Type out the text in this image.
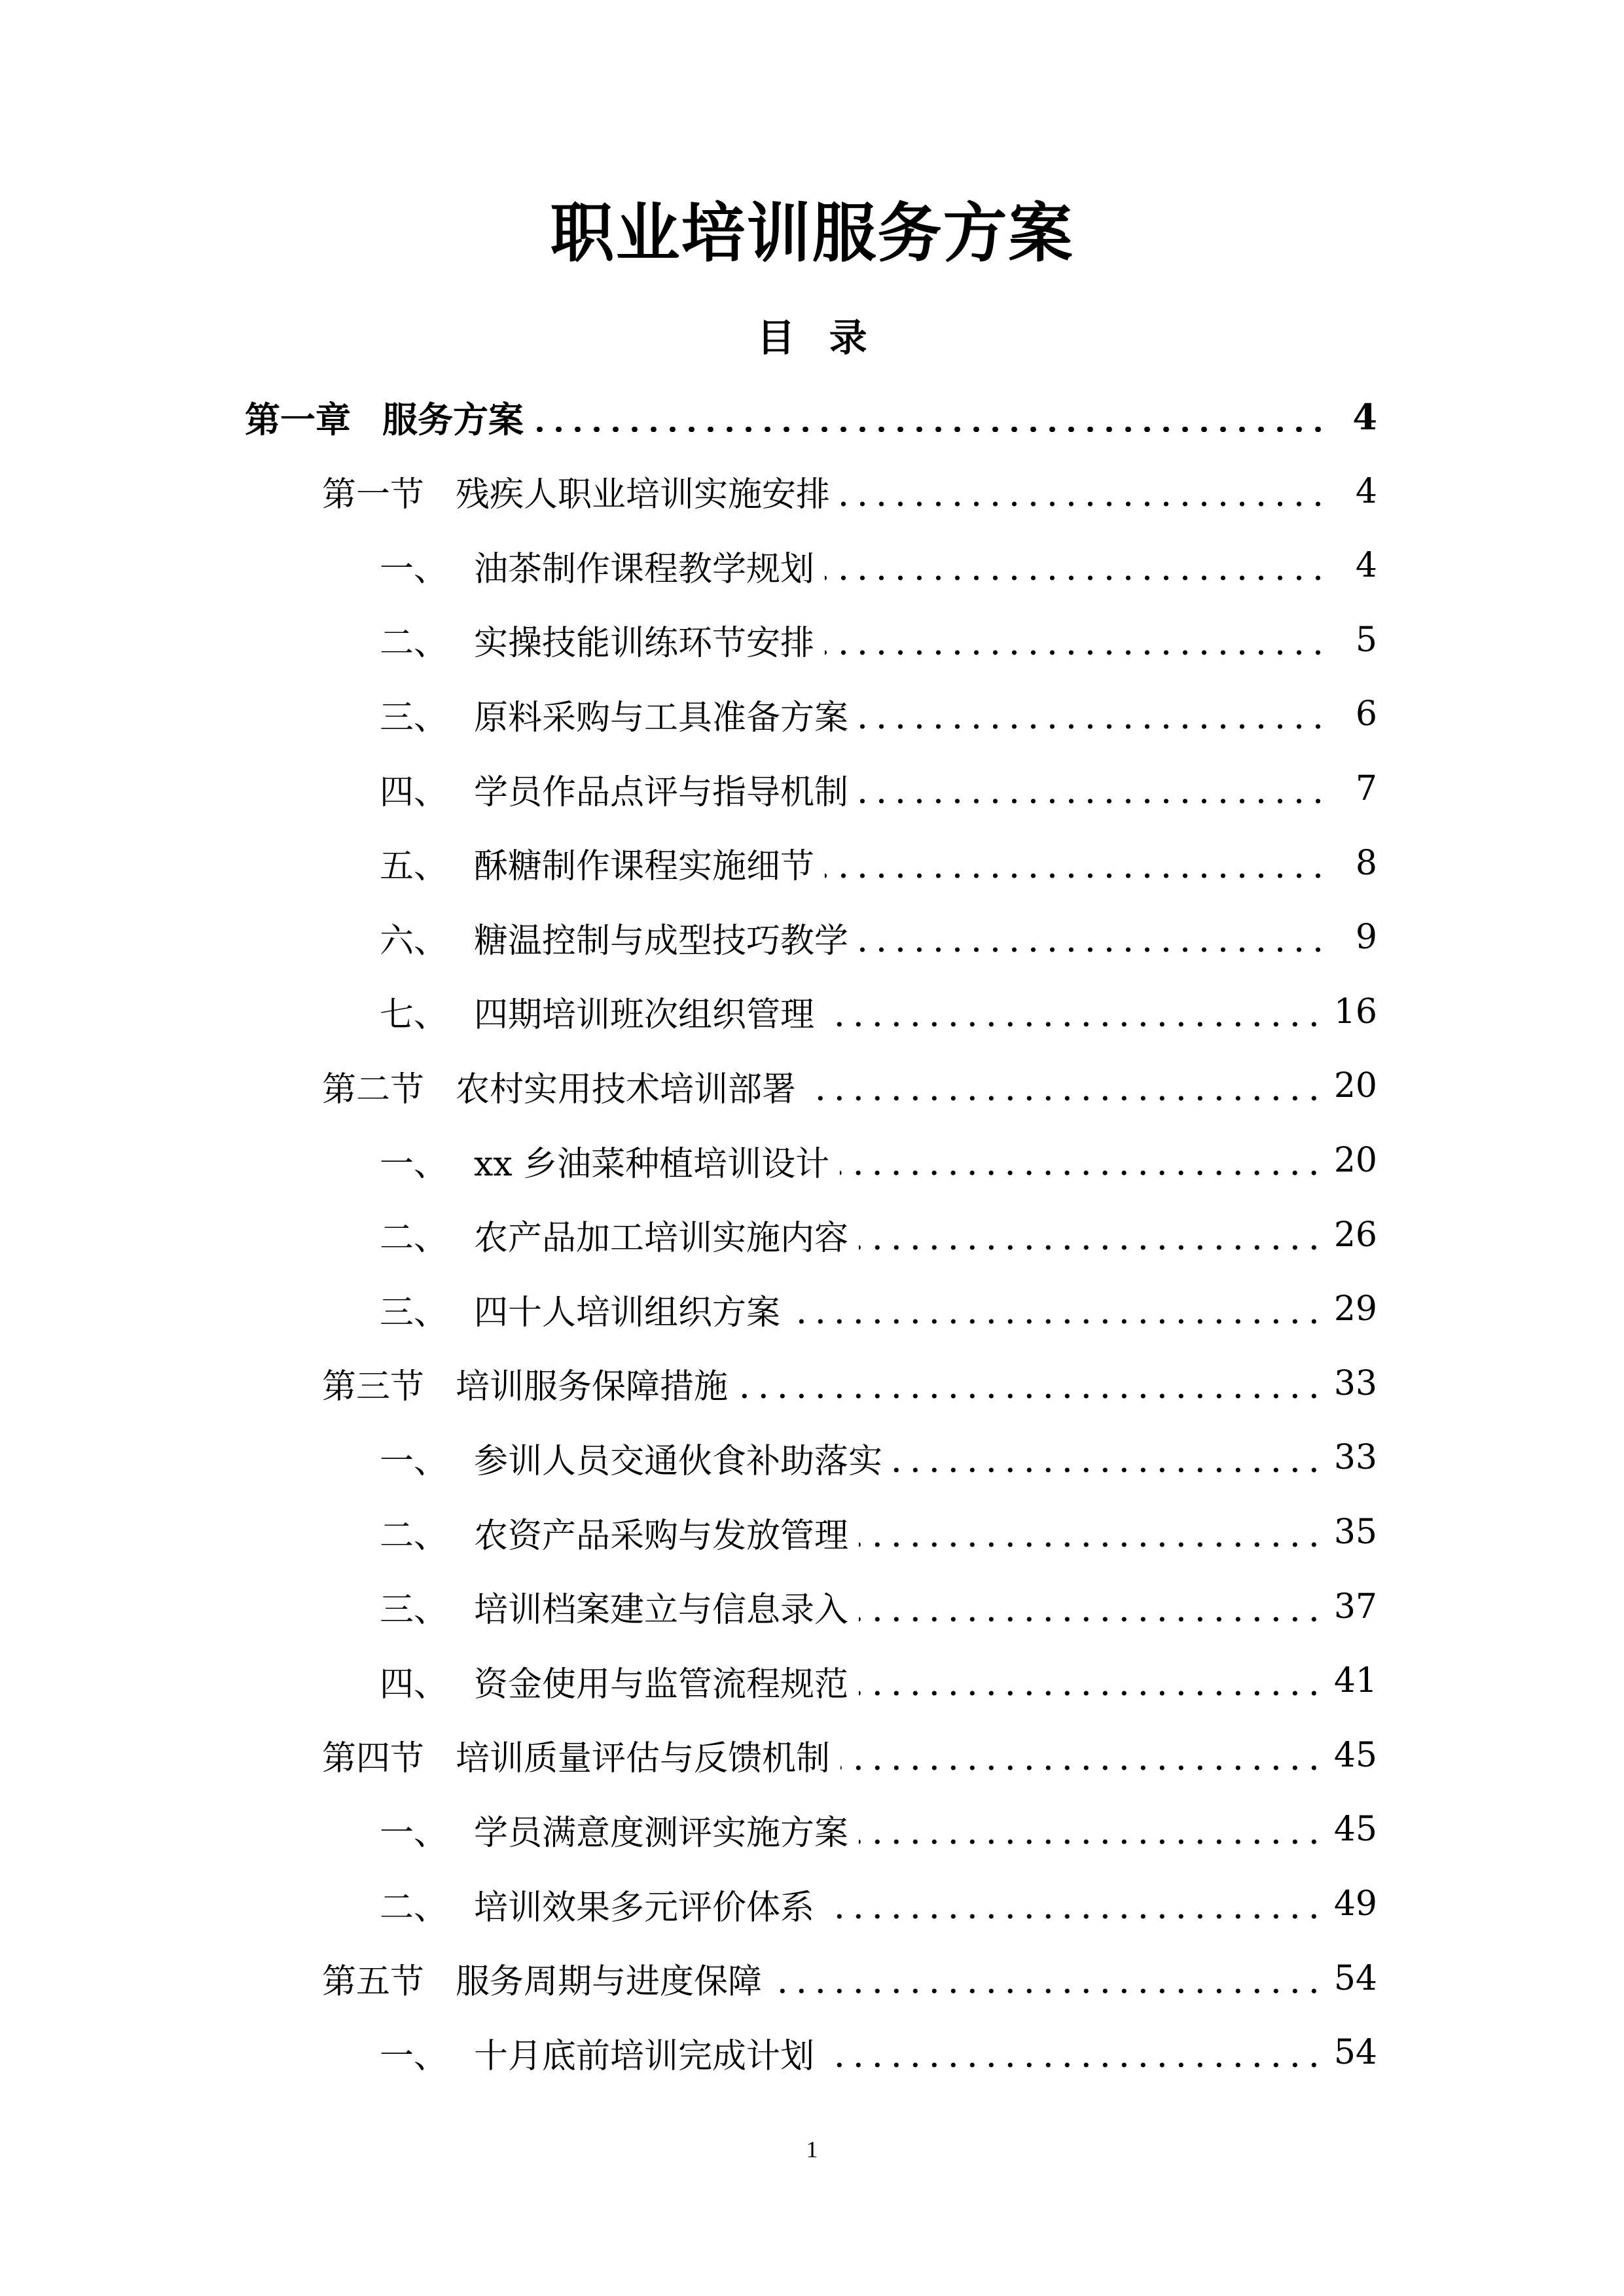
职业培训服务方案
目 录
第一章 服务方案	4
第一节 残疾人职业培训实施安排	4
一、 油茶制作课程教学规划	4
二、 实操技能训练环节安排	5
三、 原料采购与工具准备方案	6
四、 学员作品点评与指导机制	7
五、 酥糖制作课程实施细节	8
六、 糖温控制与成型技巧教学	9
七、 四期培训班次组织管理	16
第二节 农村实用技术培训部署	20
一、 xx 乡油菜种植培训设计	20
二、 农产品加工培训实施内容	26
三、 四十人培训组织方案	29
第三节 培训服务保障措施	33
一、 参训人员交通伙食补助落实	33
二、 农资产品采购与发放管理	35
三、 培训档案建立与信息录入	37
四、 资金使用与监管流程规范	41
第四节 培训质量评估与反馈机制	45
一、 学员满意度测评实施方案	45
二、 培训效果多元评价体系	49
第五节 服务周期与进度保障	54
一、 十月底前培训完成计划	54
1
